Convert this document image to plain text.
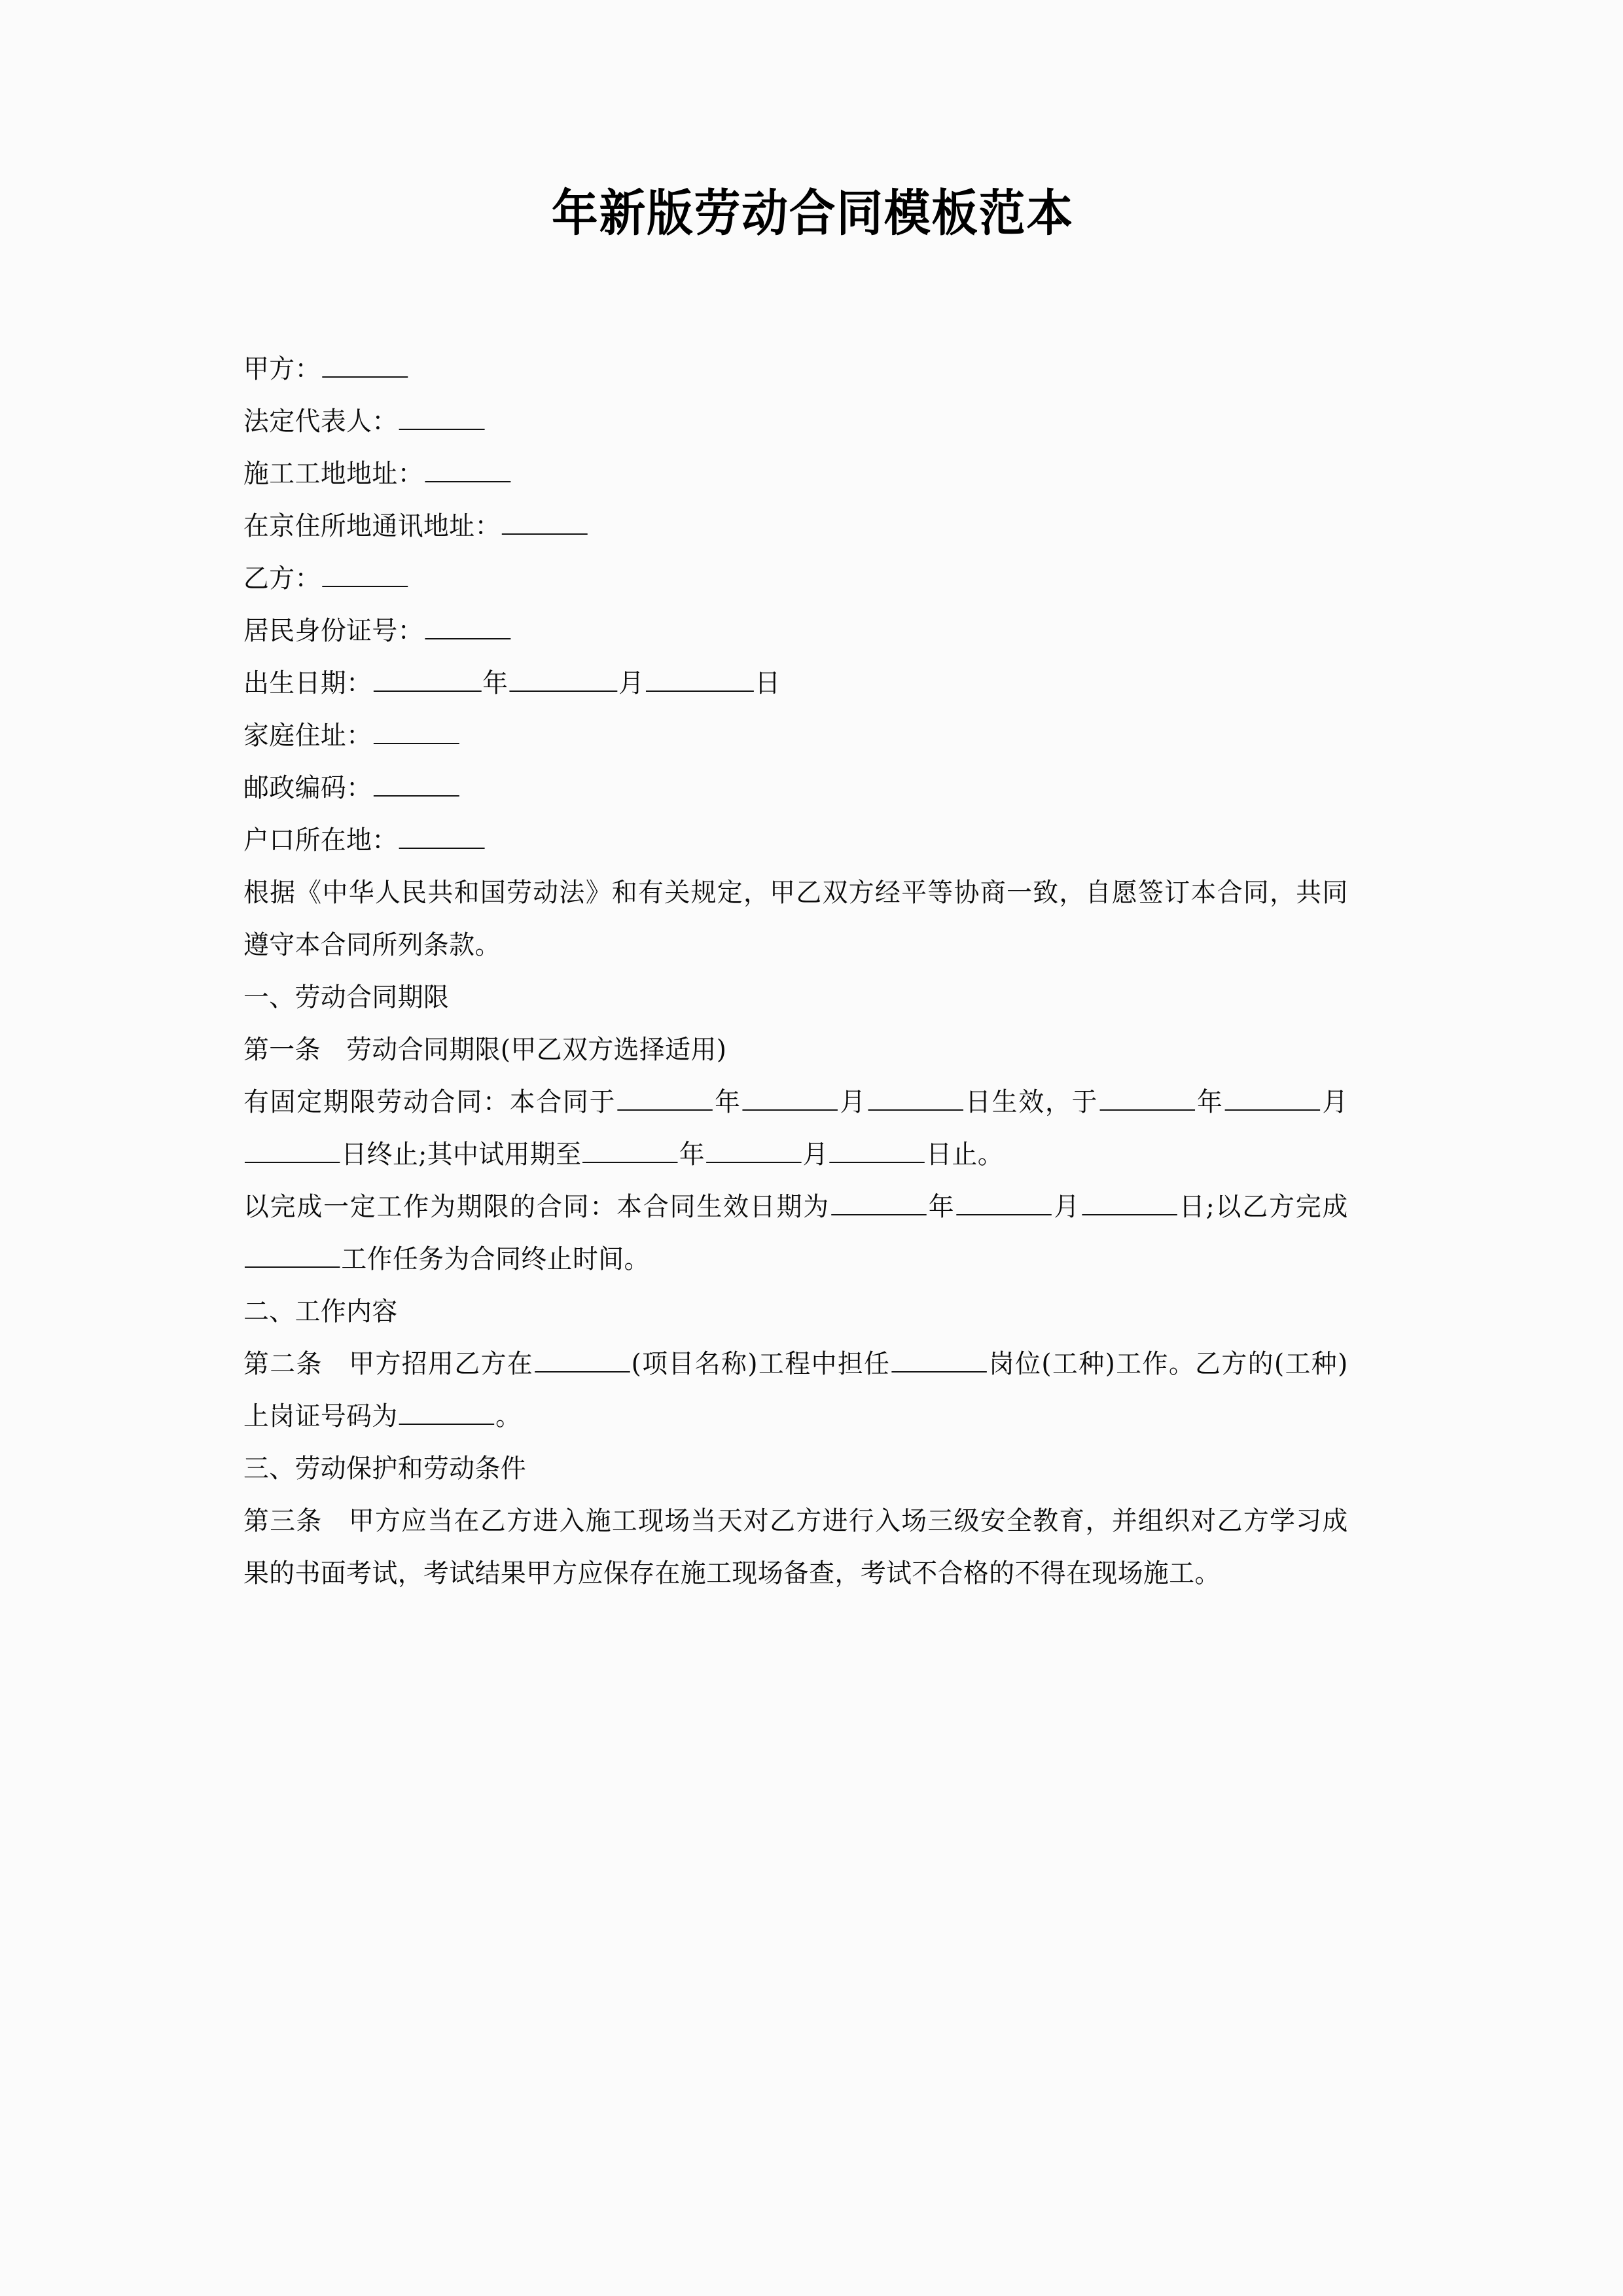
年新版劳动合同模板范本

甲方：

法定代表人：

施工工地地址：

在京住所地通讯地址：

乙方：

居民身份证号：

出生日期：	年	月	日

家庭住址：

邮政编码：

户口所在地：

根据《中华人民共和国劳动法》和有关规定，甲乙双方经平等协商一致，自愿签订本合同，共同遵守本合同所列条款。

一、劳动合同期限

第一条　劳动合同期限(甲乙双方选择适用)

有固定期限劳动合同：本合同于	年	月	日生效，于	年	月日终止;其中试用期至	年	月	日止。

以完成一定工作为期限的合同：本合同生效日期为	年	月	日;以乙方完成工作任务为合同终止时间。

二、工作内容

第二条　甲方招用乙方在	(项目名称)工程中担任	岗位(工种)工作。乙方的(工种)上岗证号码为	。

三、劳动保护和劳动条件

第三条　甲方应当在乙方进入施工现场当天对乙方进行入场三级安全教育，并组织对乙方学习成果的书面考试，考试结果甲方应保存在施工现场备查，考试不合格的不得在现场施工。
